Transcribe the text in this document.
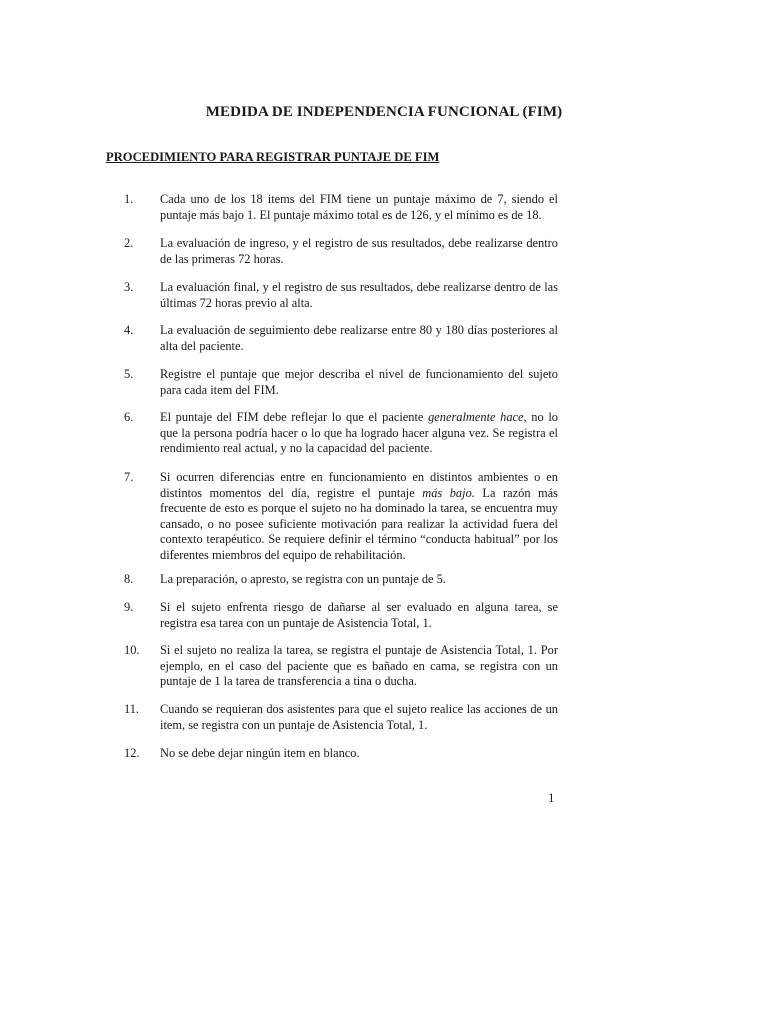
MEDIDA DE INDEPENDENCIA FUNCIONAL (FIM)
PROCEDIMIENTO PARA REGISTRAR PUNTAJE DE FIM
1. Cada uno de los 18 items del FIM tiene un puntaje máximo de 7, siendo el puntaje más bajo 1. El puntaje máximo total es de 126, y el mínimo es de 18.

2. La evaluación de ingreso, y el registro de sus resultados, debe realizarse dentro de las primeras 72 horas.

3. La evaluación final, y el registro de sus resultados, debe realizarse dentro de las últimas 72 horas previo al alta.

4. La evaluación de seguimiento debe realizarse entre 80 y 180 días posteriores al alta del paciente.

5. Registre el puntaje que mejor describa el nivel de funcionamiento del sujeto para cada item del FIM.

6. El puntaje del FIM debe reflejar lo que el paciente generalmente hace, no lo que la persona podría hacer o lo que ha logrado hacer alguna vez. Se registra el rendimiento real actual, y no la capacidad del paciente.

7. Si ocurren diferencias entre en funcionamiento en distintos ambientes o en distintos momentos del día, registre el puntaje más bajo. La razón más frecuente de esto es porque el sujeto no ha dominado la tarea, se encuentra muy cansado, o no posee suficiente motivación para realizar la actividad fuera del contexto terapéutico. Se requiere definir el término “conducta habitual” por los diferentes miembros del equipo de rehabilitación.

8. La preparación, o apresto, se registra con un puntaje de 5.

9. Si el sujeto enfrenta riesgo de dañarse al ser evaluado en alguna tarea, se registra esa tarea con un puntaje de Asistencia Total, 1.

10. Si el sujeto no realiza la tarea, se registra el puntaje de Asistencia Total, 1. Por ejemplo, en el caso del paciente que es bañado en cama, se registra con un puntaje de 1 la tarea de transferencia a tina o ducha.

11. Cuando se requieran dos asistentes para que el sujeto realice las acciones de un item, se registra con un puntaje de Asistencia Total, 1.

12. No se debe dejar ningún item en blanco.

1
